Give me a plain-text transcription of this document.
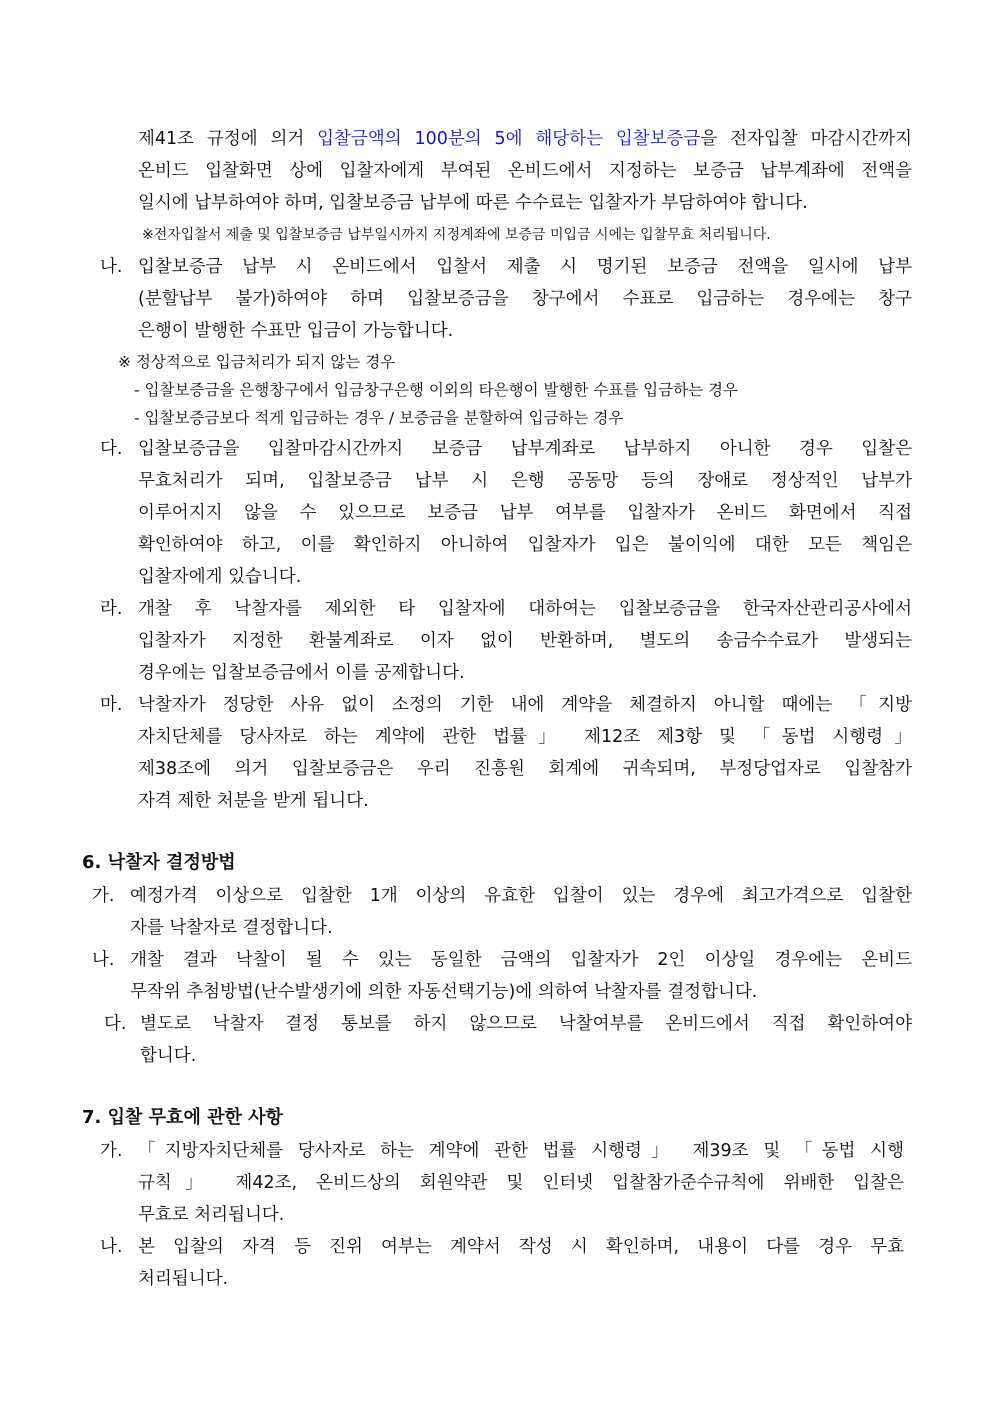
제41조 규정에 의거 입찰금액의 100분의 5에 해당하는 입찰보증금을 전자입찰 마감시간까지
온비드 입찰화면 상에 입찰자에게 부여된 온비드에서 지정하는 보증금 납부계좌에 전액을
일시에 납부하여야 하며, 입찰보증금 납부에 따른 수수료는 입찰자가 부담하여야 합니다.
※전자입찰서 제출 및 입찰보증금 납부일시까지 지정계좌에 보증금 미입금 시에는 입찰무효 처리됩니다.
나. 입찰보증금 납부 시 온비드에서 입찰서 제출 시 명기된 보증금 전액을 일시에 납부
(분할납부 불가)하여야 하며 입찰보증금을 창구에서 수표로 입금하는 경우에는 창구
은행이 발행한 수표만 입금이 가능합니다.
※ 정상적으로 입금처리가 되지 않는 경우
- 입찰보증금을 은행창구에서 입금창구은행 이외의 타은행이 발행한 수표를 입금하는 경우
- 입찰보증금보다 적게 입금하는 경우 / 보증금을 분할하여 입금하는 경우
다. 입찰보증금을 입찰마감시간까지 보증금 납부계좌로 납부하지 아니한 경우 입찰은
무효처리가 되며, 입찰보증금 납부 시 은행 공동망 등의 장애로 정상적인 납부가
이루어지지 않을 수 있으므로 보증금 납부 여부를 입찰자가 온비드 화면에서 직접
확인하여야 하고, 이를 확인하지 아니하여 입찰자가 입은 불이익에 대한 모든 책임은
입찰자에게 있습니다.
라. 개찰 후 낙찰자를 제외한 타 입찰자에 대하여는 입찰보증금을 한국자산관리공사에서
입찰자가 지정한 환불계좌로 이자 없이 반환하며, 별도의 송금수수료가 발생되는
경우에는 입찰보증금에서 이를 공제합니다.
마. 낙찰자가 정당한 사유 없이 소정의 기한 내에 계약을 체결하지 아니할 때에는 「지방
자치단체를 당사자로 하는 계약에 관한 법률」 제12조 제3항 및 「동법 시행령」
제38조에 의거 입찰보증금은 우리 진흥원 회계에 귀속되며, 부정당업자로 입찰참가
자격 제한 처분을 받게 됩니다.
6. 낙찰자 결정방법
가. 예정가격 이상으로 입찰한 1개 이상의 유효한 입찰이 있는 경우에 최고가격으로 입찰한
자를 낙찰자로 결정합니다.
나. 개찰 결과 낙찰이 될 수 있는 동일한 금액의 입찰자가 2인 이상일 경우에는 온비드
무작위 추첨방법(난수발생기에 의한 자동선택기능)에 의하여 낙찰자를 결정합니다.
다. 별도로 낙찰자 결정 통보를 하지 않으므로 낙찰여부를 온비드에서 직접 확인하여야
합니다.
7. 입찰 무효에 관한 사항
가. 「지방자치단체를 당사자로 하는 계약에 관한 법률 시행령」 제39조 및 「동법 시행
규칙」 제42조, 온비드상의 회원약관 및 인터넷 입찰참가준수규칙에 위배한 입찰은
무효로 처리됩니다.
나. 본 입찰의 자격 등 진위 여부는 계약서 작성 시 확인하며, 내용이 다를 경우 무효
처리됩니다.
